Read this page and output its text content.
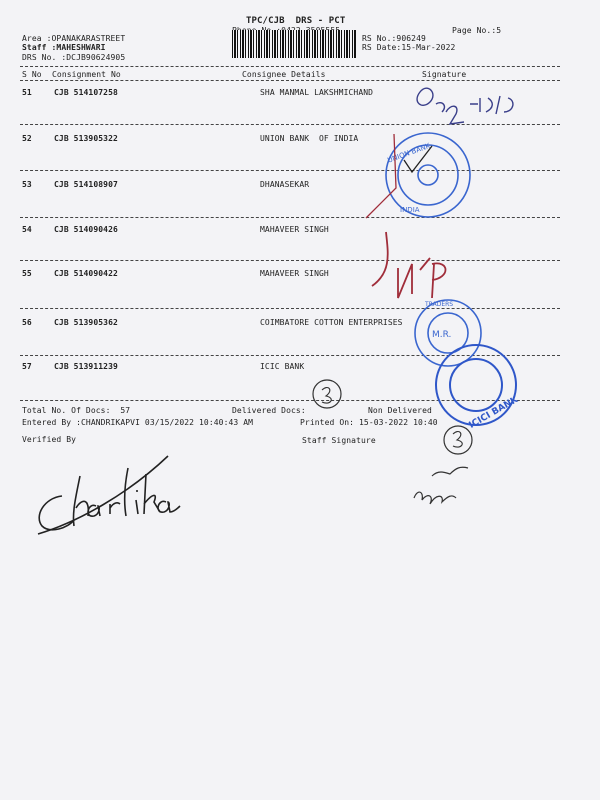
TPC/CJB  DRS - PCT
Page No.:5
Area :OPANAKARASTREET
Staff :MAHESHWARI
DRS No. :DCJB90624905
RS No.:906249
RS Date:15-Mar-2022
S No Consignment No	Consignee Details	Signature
51	CJB 514107258	SHA MANMAL LAKSHMICHAND
52	CJB 513905322	UNION BANK  OF INDIA
53	CJB 514108907	DHANASEKAR
54	CJB 514090426	MAHAVEER SINGH
55	CJB 514090422	MAHAVEER SINGH
56	CJB 513905362	COIMBATORE COTTON ENTERPRISES
57	CJB 513911239	ICIC BANK
Total No. Of Docs:  57	Delivered Docs:	Non Delivered
Entered By :CHANDRIKAPVI 03/15/2022 10:40:43 AM	Printed On: 15-03-2022 10:40
Verified By	Staff Signature
UNION BANK
INDIA
M.R.
TRADERS
ICICI BANK
